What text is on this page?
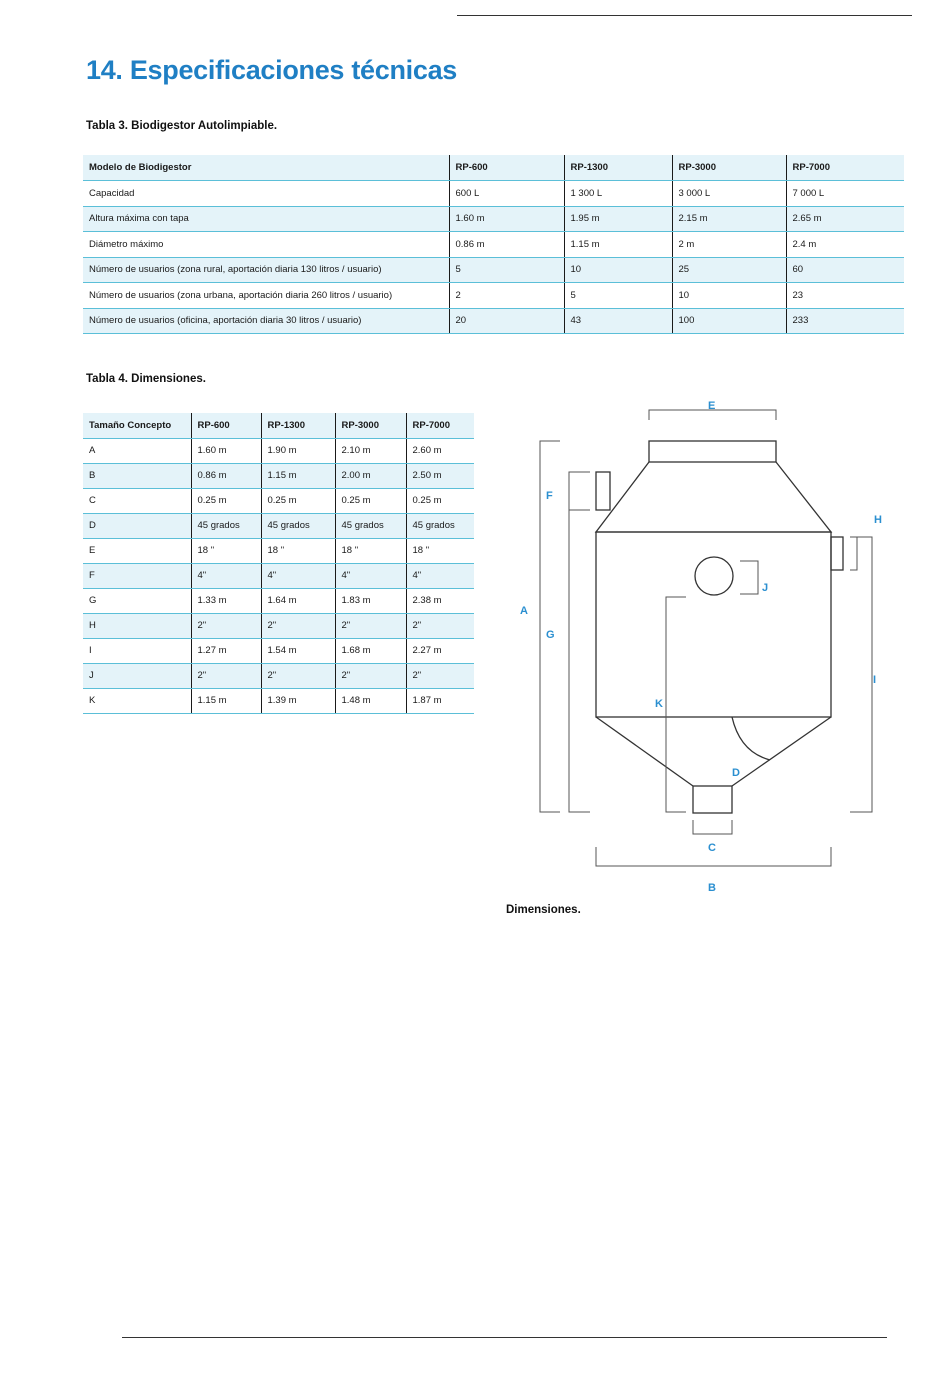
14. Especificaciones técnicas

Tabla 3. Biodigestor Autolimpiable.

Modelo de Biodigestor	RP-600	RP-1300	RP-3000	RP-7000
Capacidad	600 L	1 300 L	3 000 L	7 000 L
Altura máxima con tapa	1.60 m	1.95 m	2.15 m	2.65 m
Diámetro máximo	0.86 m	1.15 m	2 m	2.4 m
Número de usuarios (zona rural, aportación diaria 130 litros / usuario)	5	10	25	60
Número de usuarios (zona urbana, aportación diaria 260 litros / usuario)	2	5	10	23
Número de usuarios (oficina, aportación diaria 30 litros / usuario)	20	43	100	233

Tabla 4. Dimensiones.

Tamaño Concepto	RP-600	RP-1300	RP-3000	RP-7000
A	1.60 m	1.90 m	2.10 m	2.60 m
B	0.86 m	1.15 m	2.00 m	2.50 m
C	0.25 m	0.25 m	0.25 m	0.25 m
D	45 grados	45 grados	45 grados	45 grados
E	18 "	18 "	18 "	18 "
F	4"	4"	4"	4"
G	1.33 m	1.64 m	1.83 m	2.38 m
H	2"	2"	2"	2"
I	1.27 m	1.54 m	1.68 m	2.27 m
J	2"	2"	2"	2"
K	1.15 m	1.39 m	1.48 m	1.87 m
E
A
F
G
H
I
J
K
D
C
B

Dimensiones.
